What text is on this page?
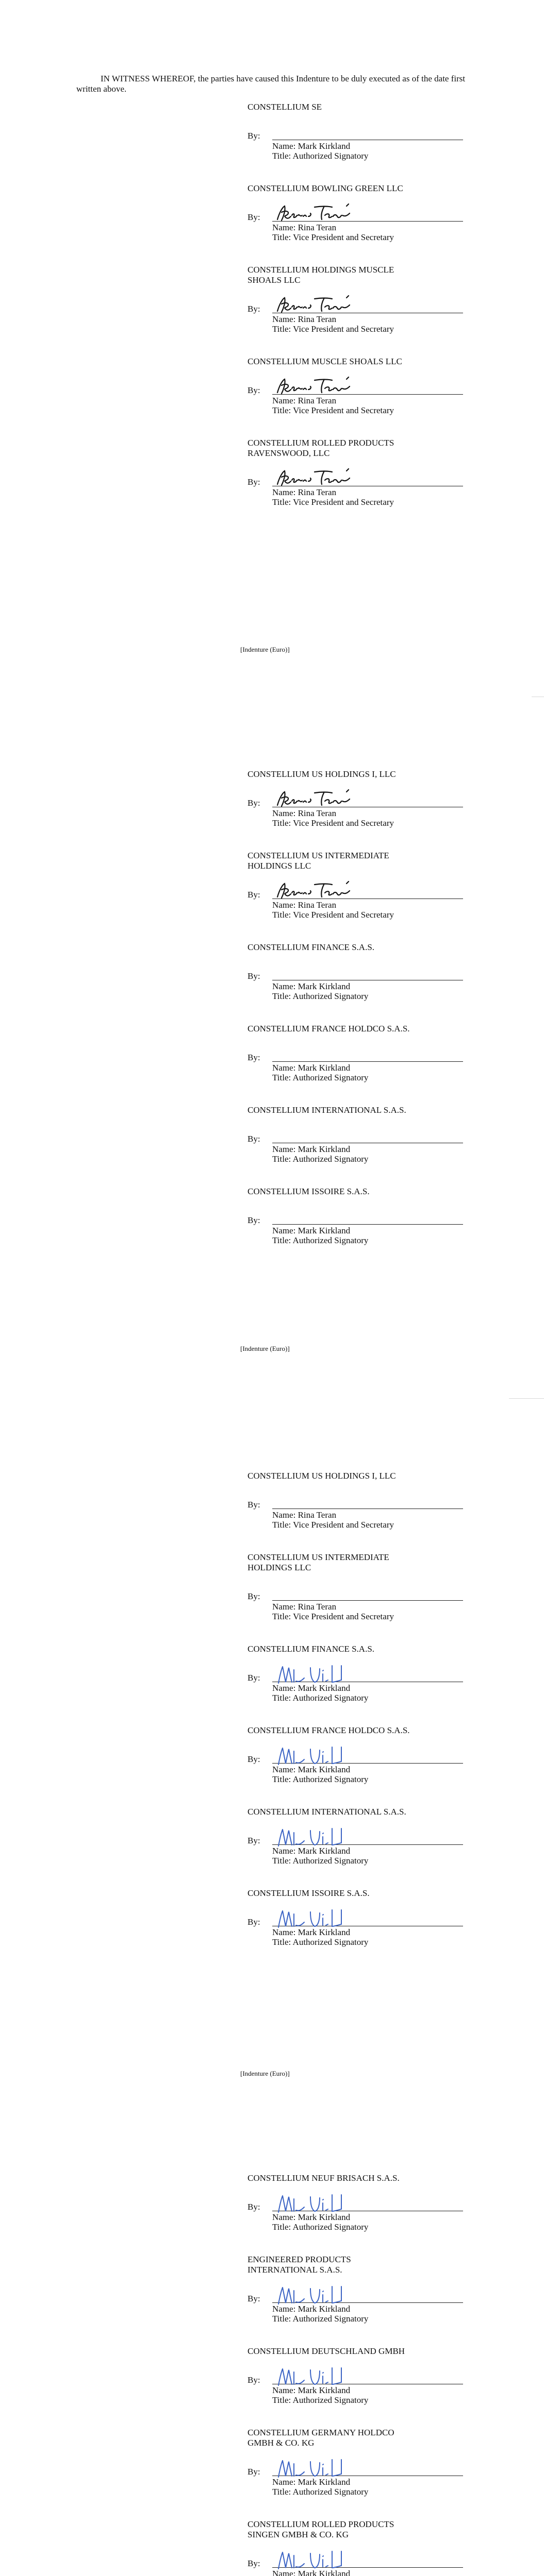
IN WITNESS WHEREOF, the parties have caused this Indenture to be duly executed as of the date first written above.

CONSTELLIUM SE

By:

Name: Mark Kirkland

Title: Authorized Signatory

CONSTELLIUM BOWLING GREEN LLC

By:

Name: Rina Teran

Title: Vice President and Secretary

CONSTELLIUM HOLDINGS MUSCLE SHOALS LLC

By:

Name: Rina Teran

Title: Vice President and Secretary

CONSTELLIUM MUSCLE SHOALS LLC

By:

Name: Rina Teran

Title: Vice President and Secretary

CONSTELLIUM ROLLED PRODUCTS RAVENSWOOD, LLC

By:

Name: Rina Teran

Title: Vice President and Secretary

[Indenture (Euro)]

CONSTELLIUM US HOLDINGS I, LLC

By:

Name: Rina Teran

Title: Vice President and Secretary

CONSTELLIUM US INTERMEDIATE HOLDINGS LLC

By:

Name: Rina Teran

Title: Vice President and Secretary

CONSTELLIUM FINANCE S.A.S.

By:

Name: Mark Kirkland

Title: Authorized Signatory

CONSTELLIUM FRANCE HOLDCO S.A.S.

By:

Name: Mark Kirkland

Title: Authorized Signatory

CONSTELLIUM INTERNATIONAL S.A.S.

By:

Name: Mark Kirkland

Title: Authorized Signatory

CONSTELLIUM ISSOIRE S.A.S.

By:

Name: Mark Kirkland

Title: Authorized Signatory

[Indenture (Euro)]

CONSTELLIUM US HOLDINGS I, LLC

By:

Name: Rina Teran

Title: Vice President and Secretary

CONSTELLIUM US INTERMEDIATE HOLDINGS LLC

By:

Name: Rina Teran

Title: Vice President and Secretary

CONSTELLIUM FINANCE S.A.S.

By:

Name: Mark Kirkland

Title: Authorized Signatory

CONSTELLIUM FRANCE HOLDCO S.A.S.

By:

Name: Mark Kirkland

Title: Authorized Signatory

CONSTELLIUM INTERNATIONAL S.A.S.

By:

Name: Mark Kirkland

Title: Authorized Signatory

CONSTELLIUM ISSOIRE S.A.S.

By:

Name: Mark Kirkland

Title: Authorized Signatory

[Indenture (Euro)]

CONSTELLIUM NEUF BRISACH S.A.S.

By:

Name: Mark Kirkland

Title: Authorized Signatory

ENGINEERED PRODUCTS INTERNATIONAL S.A.S.

By:

Name: Mark Kirkland

Title: Authorized Signatory

CONSTELLIUM DEUTSCHLAND GMBH

By:

Name: Mark Kirkland

Title: Authorized Signatory

CONSTELLIUM GERMANY HOLDCO GMBH & CO. KG

By:

Name: Mark Kirkland

Title: Authorized Signatory

CONSTELLIUM ROLLED PRODUCTS SINGEN GMBH & CO. KG

By:

Name: Mark Kirkland
